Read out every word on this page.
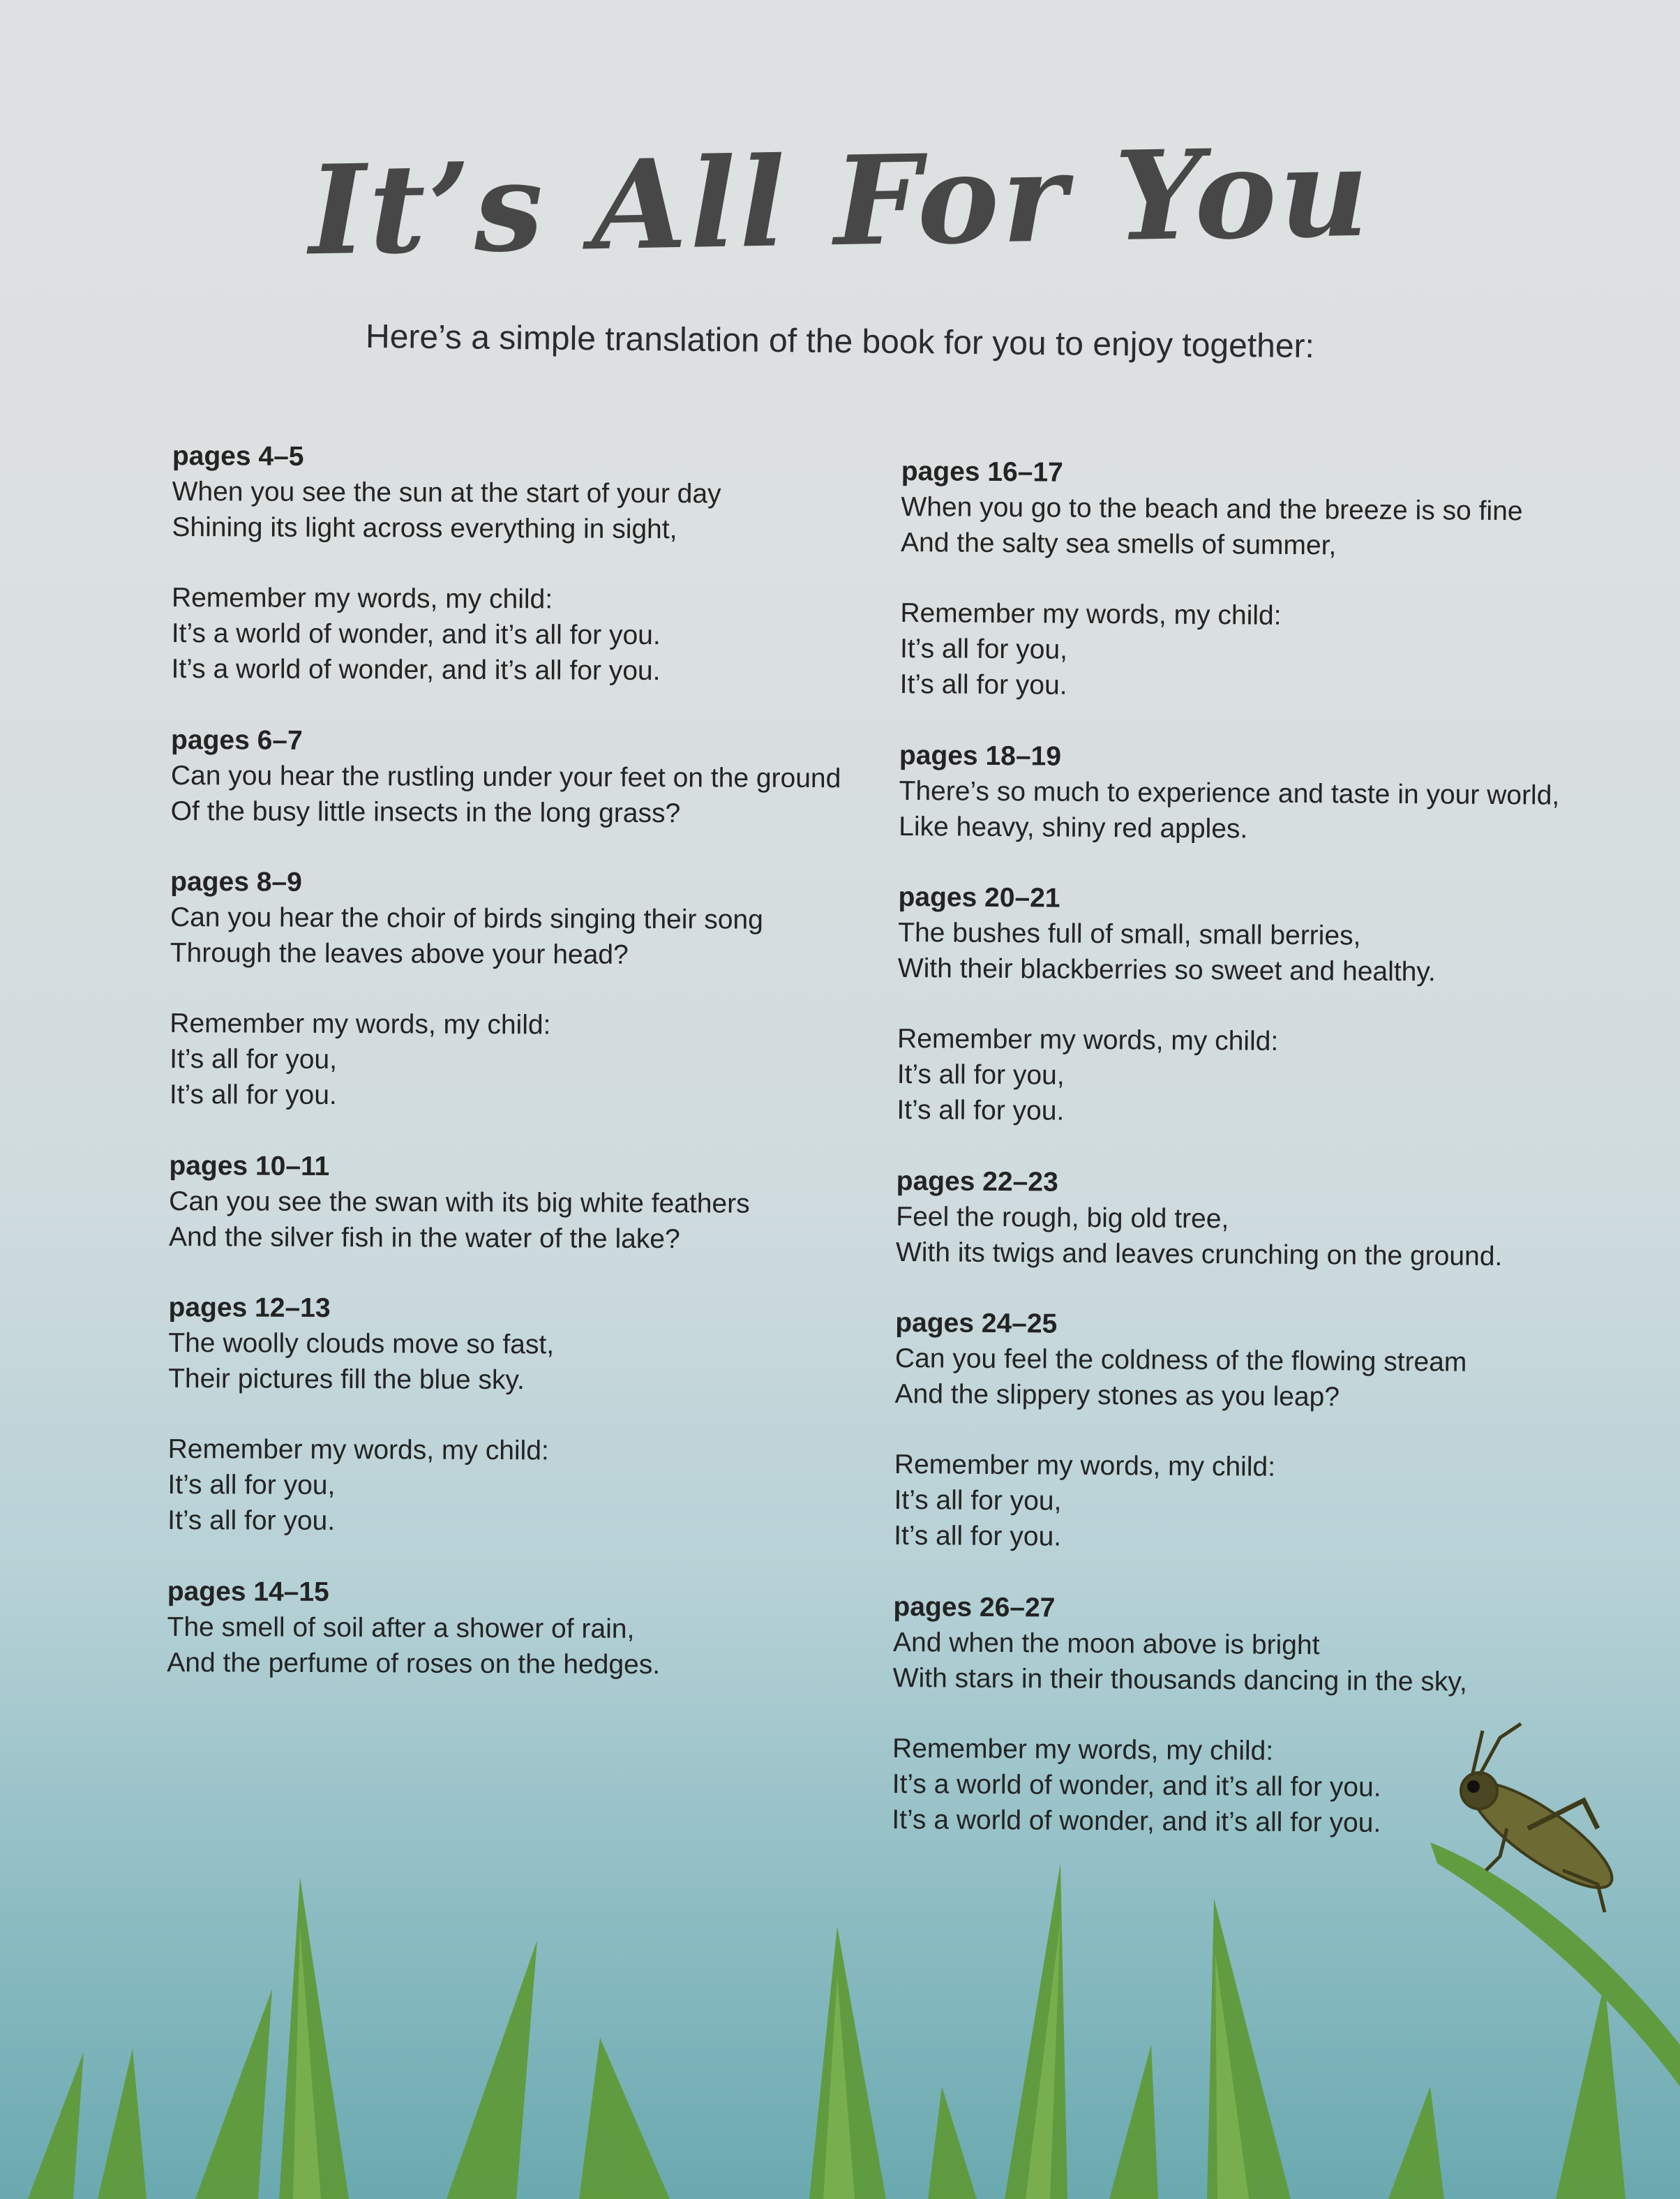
It’s All For You

Here’s a simple translation of the book for you to enjoy together:

pages 4–5

When you see the sun at the start of your day

Shining its light across everything in sight,

Remember my words, my child:

It’s a world of wonder, and it’s all for you.

It’s a world of wonder, and it’s all for you.

pages 6–7

Can you hear the rustling under your feet on the ground

Of the busy little insects in the long grass?

pages 8–9

Can you hear the choir of birds singing their song

Through the leaves above your head?

Remember my words, my child:

It’s all for you,

It’s all for you.

pages 10–11

Can you see the swan with its big white feathers

And the silver fish in the water of the lake?

pages 12–13

The woolly clouds move so fast,

Their pictures fill the blue sky.

Remember my words, my child:

It’s all for you,

It’s all for you.

pages 14–15

The smell of soil after a shower of rain,

And the perfume of roses on the hedges.

pages 16–17

When you go to the beach and the breeze is so fine

And the salty sea smells of summer,

Remember my words, my child:

It’s all for you,

It’s all for you.

pages 18–19

There’s so much to experience and taste in your world,

Like heavy, shiny red apples.

pages 20–21

The bushes full of small, small berries,

With their blackberries so sweet and healthy.

Remember my words, my child:

It’s all for you,

It’s all for you.

pages 22–23

Feel the rough, big old tree,

With its twigs and leaves crunching on the ground.

pages 24–25

Can you feel the coldness of the flowing stream

And the slippery stones as you leap?

Remember my words, my child:

It’s all for you,

It’s all for you.

pages 26–27

And when the moon above is bright

With stars in their thousands dancing in the sky,

Remember my words, my child:

It’s a world of wonder, and it’s all for you.

It’s a world of wonder, and it’s all for you.
